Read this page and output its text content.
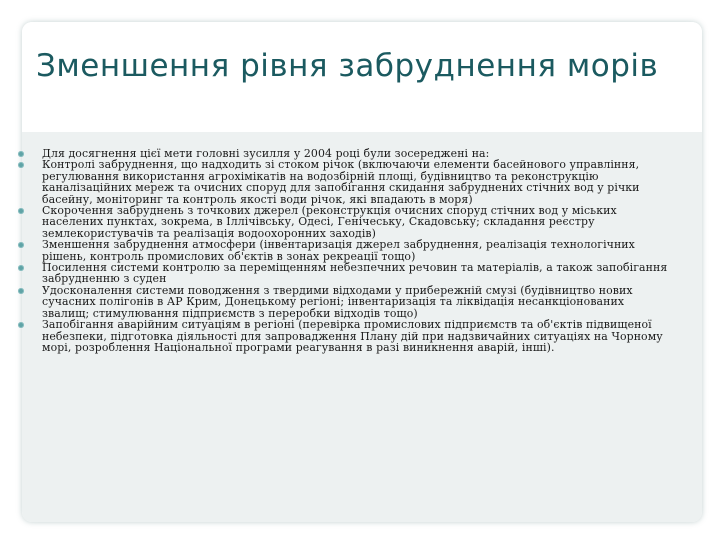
Зменшення рівня забруднення морів
Для досягнення цієї мети головні зусилля у 2004 році були зосереджені на:
Контролі забруднення, що надходить зі стоком річок (включаючи елементи басейнового управління, регулювання використання агрохімікатів на водозбірній площі, будівництво та реконструкцію каналізаційних мереж та очисних споруд для запобігання скидання забруднених стічних вод у річки басейну, моніторинг та контроль якості води річок, які впадають в моря)
Скорочення забруднень з точкових джерел (реконструкція очисних споруд стічних вод у міських населених пунктах, зокрема, в Іллічівську, Одесі, Генічеську, Скадовську; складання реєстру землекористувачів та реалізація водоохоронних заходів)
Зменшення забруднення атмосфери (інвентаризація джерел забруднення, реалізація технологічних рішень, контроль промислових об'єктів в зонах рекреації тощо)
Посилення системи контролю за переміщенням небезпечних речовин та матеріалів, а також запобігання забрудненню з суден
Удосконалення системи поводження з твердими відходами у прибережній смузі (будівництво нових сучасних полігонів в АР Крим, Донецькому регіоні; інвентаризація та ліквідація несанкціонованих звалищ; стимулювання підприємств з переробки відходів тощо)
Запобігання аварійним ситуаціям в регіоні (перевірка промислових підприємств та об'єктів підвищеної небезпеки, підготовка діяльності для запровадження Плану дій при надзвичайних ситуаціях на Чорному морі, розроблення Національної програми реагування в разі виникнення аварій, інші).
